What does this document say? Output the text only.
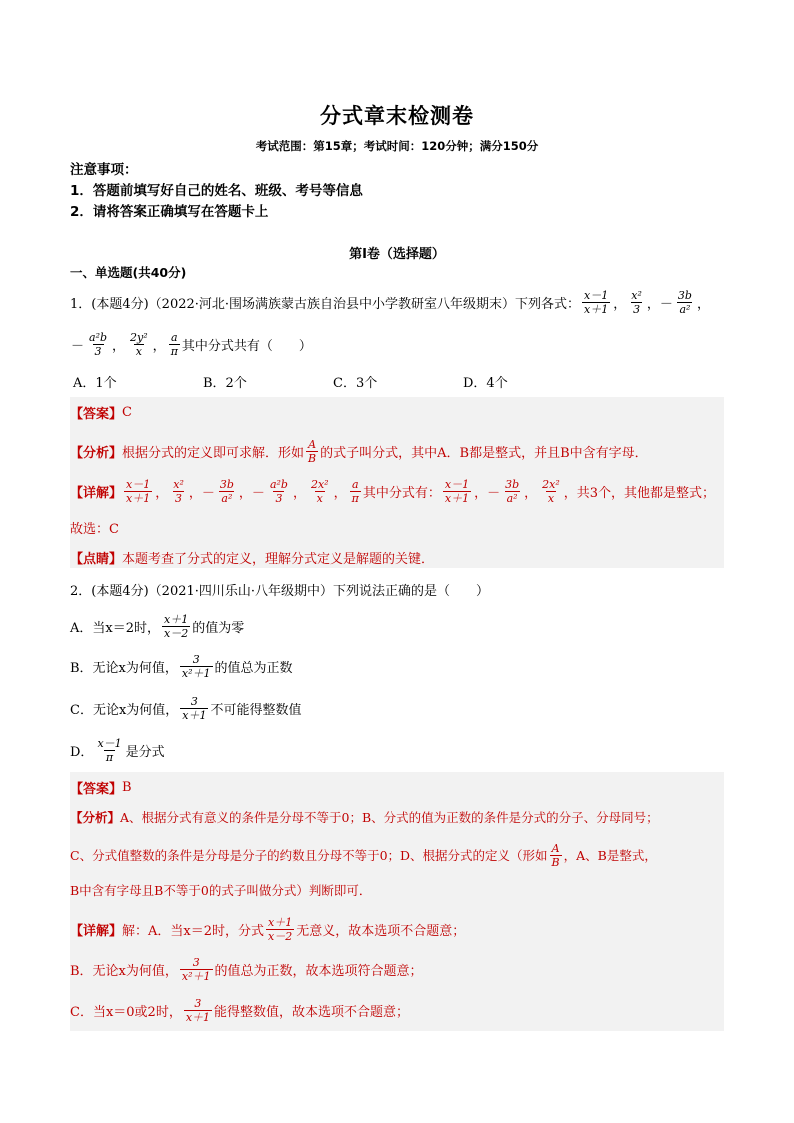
分式章末检测卷
考试范围：第15章；考试时间：120分钟；满分150分
注意事项：
1．答题前填写好自己的姓名、班级、考号等信息
2．请将答案正确填写在答题卡上
第I卷（选择题）
一、单选题(共40分)
1．(本题4分)（2022·河北·围场满族蒙古族自治县中小学教研室八年级期末）下列各式： $\frac{x-1}{x+1}$ ， $\frac{\text{x²}}{3}$ ，－ $\frac{3b}{\text{a²}}$ ，
－ $\frac{\text{a²b}}{3}$ ， $\frac{\text{2y²}}{x}$ ， $\frac{a}{\pi}$ 其中分式共有（　　）
A．1个	B．2个	C．3个	D．4个
【答案】 C
【分析】 根据分式的定义即可求解．形如 $\frac{A}{B}$ 的式子叫分式，其中A．B都是整式，并且B中含有字母．
【详解】 $\frac{x-1}{x+1}$ ， $\frac{\text{x²}}{3}$ ，－ $\frac{3b}{\text{a²}}$ ，－ $\frac{\text{a²b}}{3}$ ， $\frac{\text{2x²}}{x}$ ， $\frac{a}{\pi}$ 其中分式有： $\frac{x-1}{x+1}$ ，－ $\frac{3b}{\text{a²}}$ ， $\frac{\text{2x²}}{x}$ ，共3个，其他都是整式；
故选：C
【点睛】 本题考查了分式的定义，理解分式定义是解题的关键．
2．(本题4分)（2021·四川乐山·八年级期中）下列说法正确的是（　　）
A．当x＝2时， $\frac{x+1}{x-2}$ 的值为零
B．无论x为何值， $\frac{3}{\text{x²＋1}}$ 的值总为正数
C．无论x为何值， $\frac{3}{x+1}$ 不可能得整数值
D． $\frac{x-1}{\pi}$ 是分式
【答案】 B
【分析】 A、根据分式有意义的条件是分母不等于0；B、分式的值为正数的条件是分式的分子、分母同号；
C、分式值整数的条件是分母是分子的约数且分母不等于0；D、根据分式的定义（形如 $\frac{A}{B}$ ，A、B是整式，
B中含有字母且B不等于0的式子叫做分式）判断即可．
【详解】 解：A．当x＝2时，分式 $\frac{x+1}{x-2}$ 无意义，故本选项不合题意；
B．无论x为何值， $\frac{3}{\text{x²＋1}}$ 的值总为正数，故本选项符合题意；
C．当x＝0或2时， $\frac{3}{x+1}$ 能得整数值，故本选项不合题意；
